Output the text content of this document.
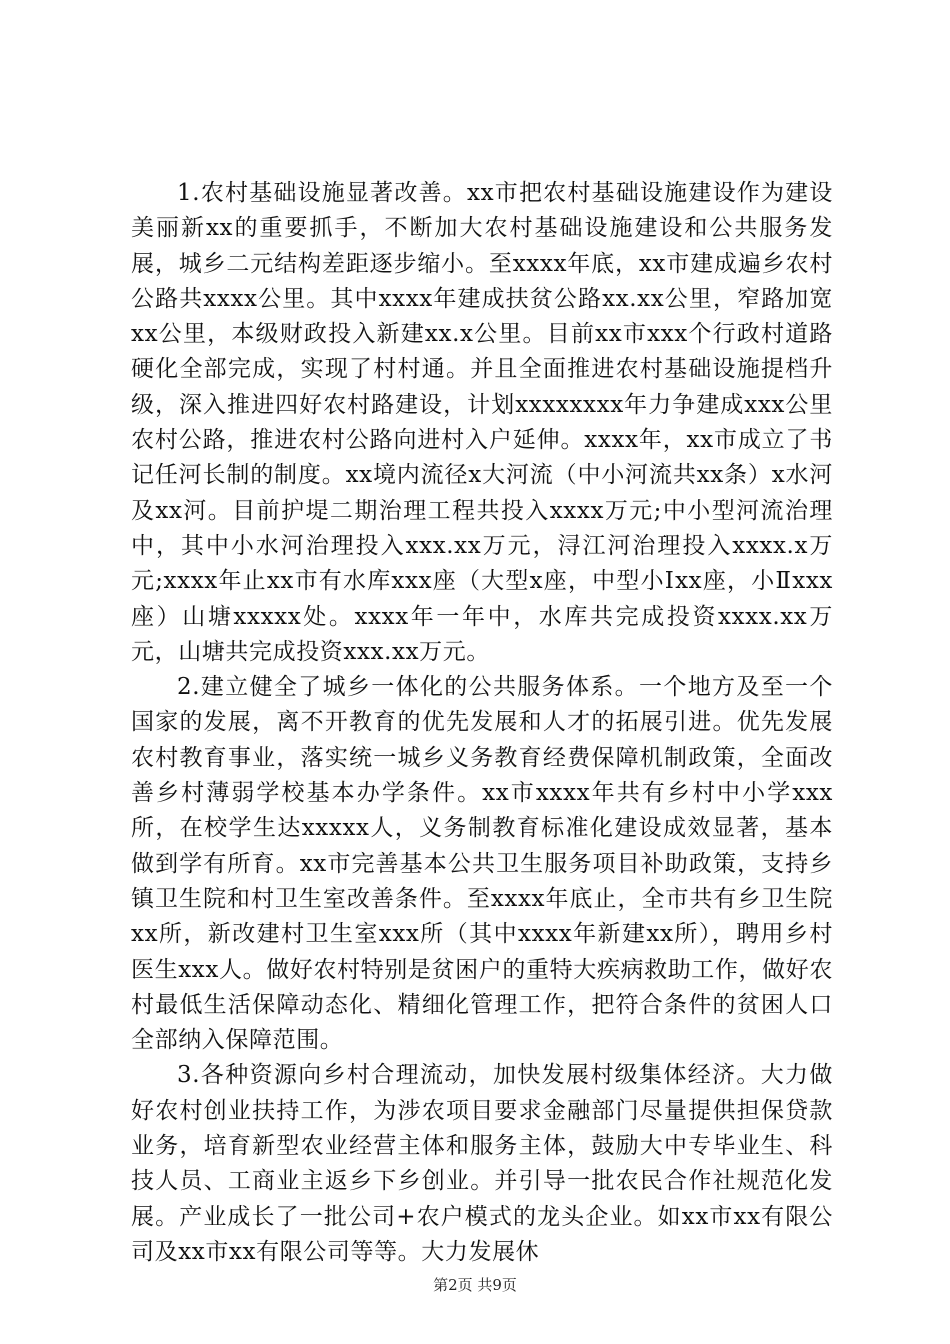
1.农村基础设施显著改善。xx市把农村基础设施建设作为建设美丽新xx的重要抓手，不断加大农村基础设施建设和公共服务发展，城乡二元结构差距逐步缩小。至xxxx年底，xx市建成遍乡农村公路共xxxx公里。其中xxxx年建成扶贫公路xx.xx公里，窄路加宽xx公里，本级财政投入新建xx.x公里。目前xx市xxx个行政村道路硬化全部完成，实现了村村通。并且全面推进农村基础设施提档升级，深入推进四好农村路建设，计划xxxxxxxx年力争建成xxx公里农村公路，推进农村公路向进村入户延伸。xxxx年，xx市成立了书记任河长制的制度。xx境内流径x大河流（中小河流共xx条）x水河及xx河。目前护堤二期治理工程共投入xxxx万元;中小型河流治理中，其中小水河治理投入xxx.xx万元，浔江河治理投入xxxx.x万元;xxxx年止xx市有水库xxx座（大型x座，中型小Ⅰxx座，小Ⅱxxx座）山塘xxxxx处。xxxx年一年中，水库共完成投资xxxx.xx万元，山塘共完成投资xxx.xx万元。

2.建立健全了城乡一体化的公共服务体系。一个地方及至一个国家的发展，离不开教育的优先发展和人才的拓展引进。优先发展农村教育事业，落实统一城乡义务教育经费保障机制政策，全面改善乡村薄弱学校基本办学条件。xx市xxxx年共有乡村中小学xxx所，在校学生达xxxxx人，义务制教育标准化建设成效显著，基本做到学有所育。xx市完善基本公共卫生服务项目补助政策，支持乡镇卫生院和村卫生室改善条件。至xxxx年底止，全市共有乡卫生院xx所，新改建村卫生室xxx所（其中xxxx年新建xx所），聘用乡村医生xxx人。做好农村特别是贫困户的重特大疾病救助工作，做好农村最低生活保障动态化、精细化管理工作，把符合条件的贫困人口全部纳入保障范围。

3.各种资源向乡村合理流动，加快发展村级集体经济。大力做好农村创业扶持工作，为涉农项目要求金融部门尽量提供担保贷款业务，培育新型农业经营主体和服务主体，鼓励大中专毕业生、科技人员、工商业主返乡下乡创业。并引导一批农民合作社规范化发展。产业成长了一批公司+农户模式的龙头企业。如xx市xx有限公司及xx市xx有限公司等等。大力发展休

第2页 共9页
